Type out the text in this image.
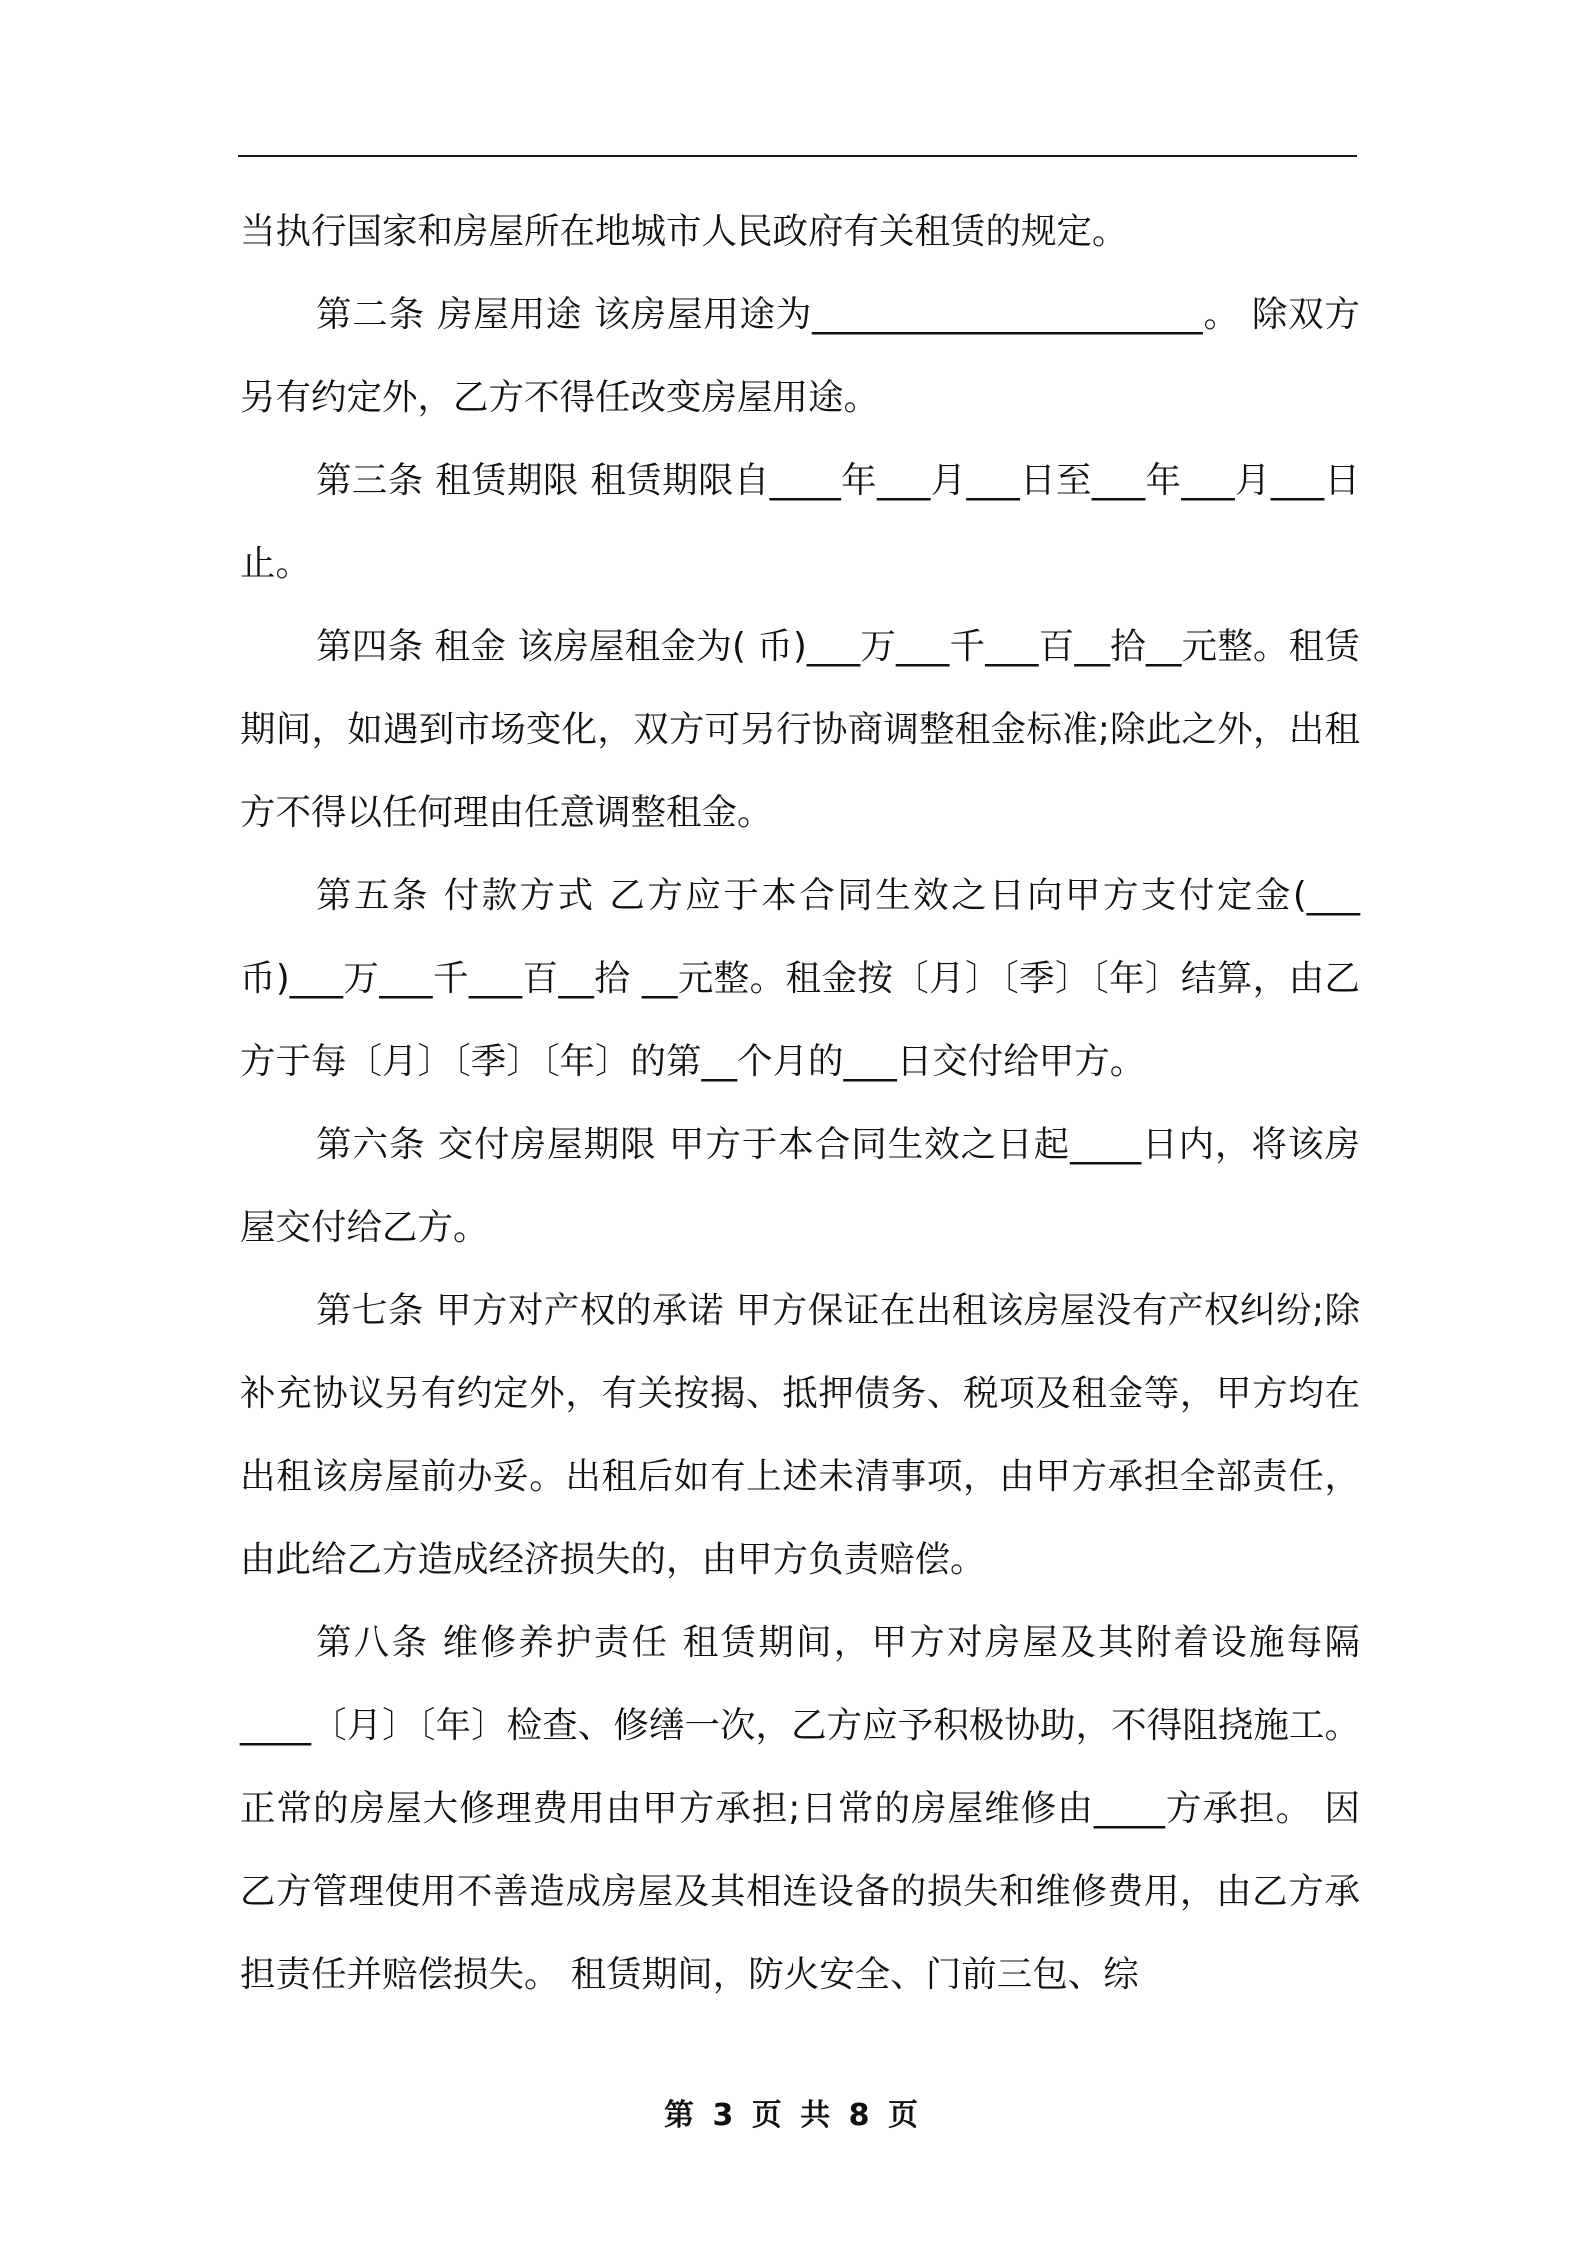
当执行国家和房屋所在地城市人民政府有关租赁的规定。

第二条 房屋用途 该房屋用途为______________________。 除双方另有约定外，乙方不得任改变房屋用途。

第三条 租赁期限 租赁期限自____年___月___日至___年___月___日止。

第四条 租金 该房屋租金为( 币)___万___千___百__拾__元整。租赁期间，如遇到市场变化，双方可另行协商调整租金标准;除此之外，出租方不得以任何理由任意调整租金。

第五条 付款方式 乙方应于本合同生效之日向甲方支付定金(___币)___万___千___百__拾 __元整。租金按〔月〕〔季〕〔年〕结算，由乙方于每〔月〕〔季〕〔年〕的第__个月的___日交付给甲方。

第六条 交付房屋期限 甲方于本合同生效之日起____日内，将该房屋交付给乙方。

第七条 甲方对产权的承诺 甲方保证在出租该房屋没有产权纠纷;除补充协议另有约定外，有关按揭、抵押债务、税项及租金等，甲方均在出租该房屋前办妥。出租后如有上述未清事项，由甲方承担全部责任，由此给乙方造成经济损失的，由甲方负责赔偿。

第八条 维修养护责任 租赁期间，甲方对房屋及其附着设施每隔____〔月〕〔年〕检查、修缮一次，乙方应予积极协助，不得阻挠施工。正常的房屋大修理费用由甲方承担;日常的房屋维修由____方承担。 因乙方管理使用不善造成房屋及其相连设备的损失和维修费用，由乙方承担责任并赔偿损失。 租赁期间，防火安全、门前三包、综

第 3 页 共 8 页
